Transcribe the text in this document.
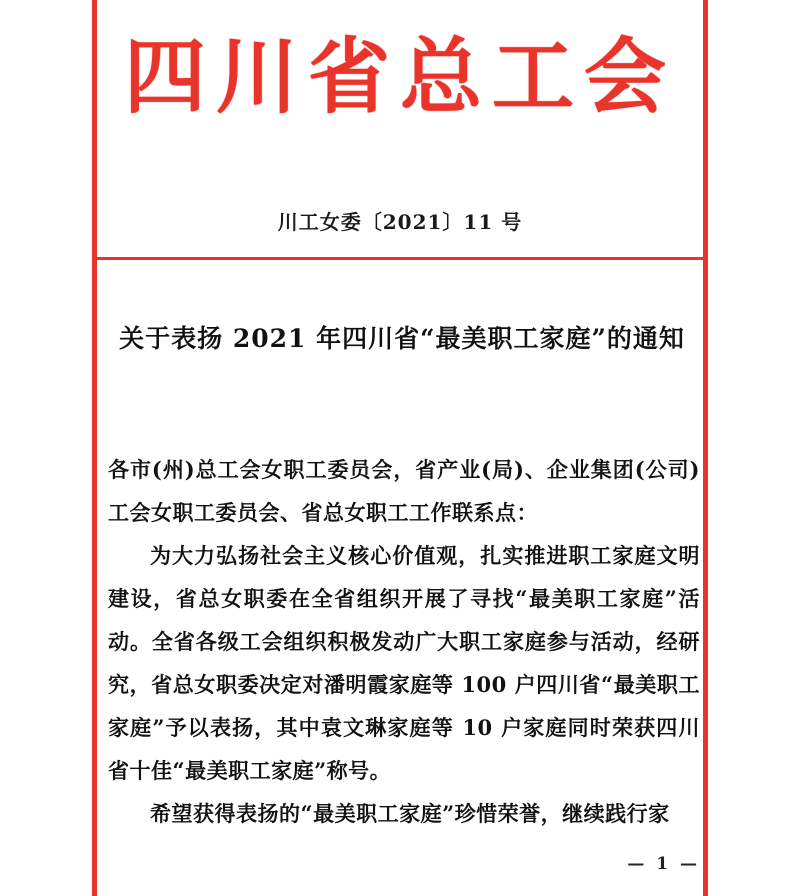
四川省总工会
川工女委〔2021〕11 号
关于表扬 2021 年四川省“最美职工家庭”的通知

各市(州)总工会女职工委员会，省产业(局)、企业集团(公司)工会女职工委员会、省总女职工工作联系点：

为大力弘扬社会主义核心价值观，扎实推进职工家庭文明建设，省总女职委在全省组织开展了寻找“最美职工家庭”活动。全省各级工会组织积极发动广大职工家庭参与活动，经研究，省总女职委决定对潘明霞家庭等 100 户四川省“最美职工家庭”予以表扬，其中袁文琳家庭等 10 户家庭同时荣获四川省十佳“最美职工家庭”称号。

希望获得表扬的“最美职工家庭”珍惜荣誉，继续践行家

— 1 —
